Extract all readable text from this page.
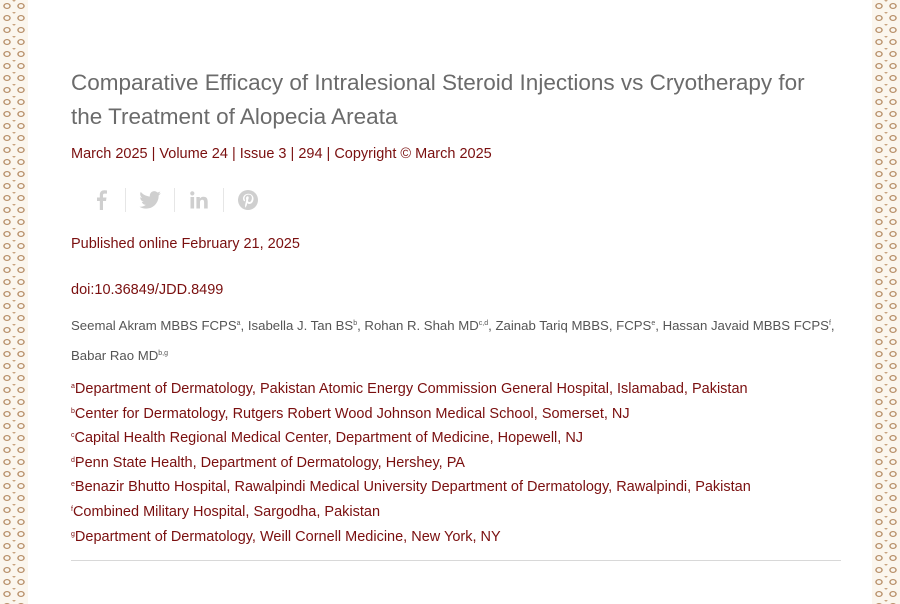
Comparative Efficacy of Intralesional Steroid Injections vs Cryotherapy for the Treatment of Alopecia Areata
March 2025 | Volume 24 | Issue 3 | 294 | Copyright © March 2025
Published online February 21, 2025
doi:10.36849/JDD.8499
Seemal Akram MBBS FCPS$^a$, Isabella J. Tan $BS^b$, Rohan R. Shah MD$^{c,d}$, Zainab Tariq MBBS, FCPS$^e$, Hassan Javaid MBBS FCPS$^f$, Babar Rao MD$^{b,g}$
$^a$Department of Dermatology, Pakistan Atomic Energy Commission General Hospital, Islamabad, Pakistan
$^b$Center for Dermatology, Rutgers Robert Wood Johnson Medical School, Somerset, NJ
$^c$Capital Health Regional Medical Center, Department of Medicine, Hopewell, NJ
$^d$Penn State Health, Department of Dermatology, Hershey, PA
$^e$Benazir Bhutto Hospital, Rawalpindi Medical University Department of Dermatology, Rawalpindi, Pakistan
$^f$Combined Military Hospital, Sargodha, Pakistan
$^g$Department of Dermatology, Weill Cornell Medicine, New York, NY
